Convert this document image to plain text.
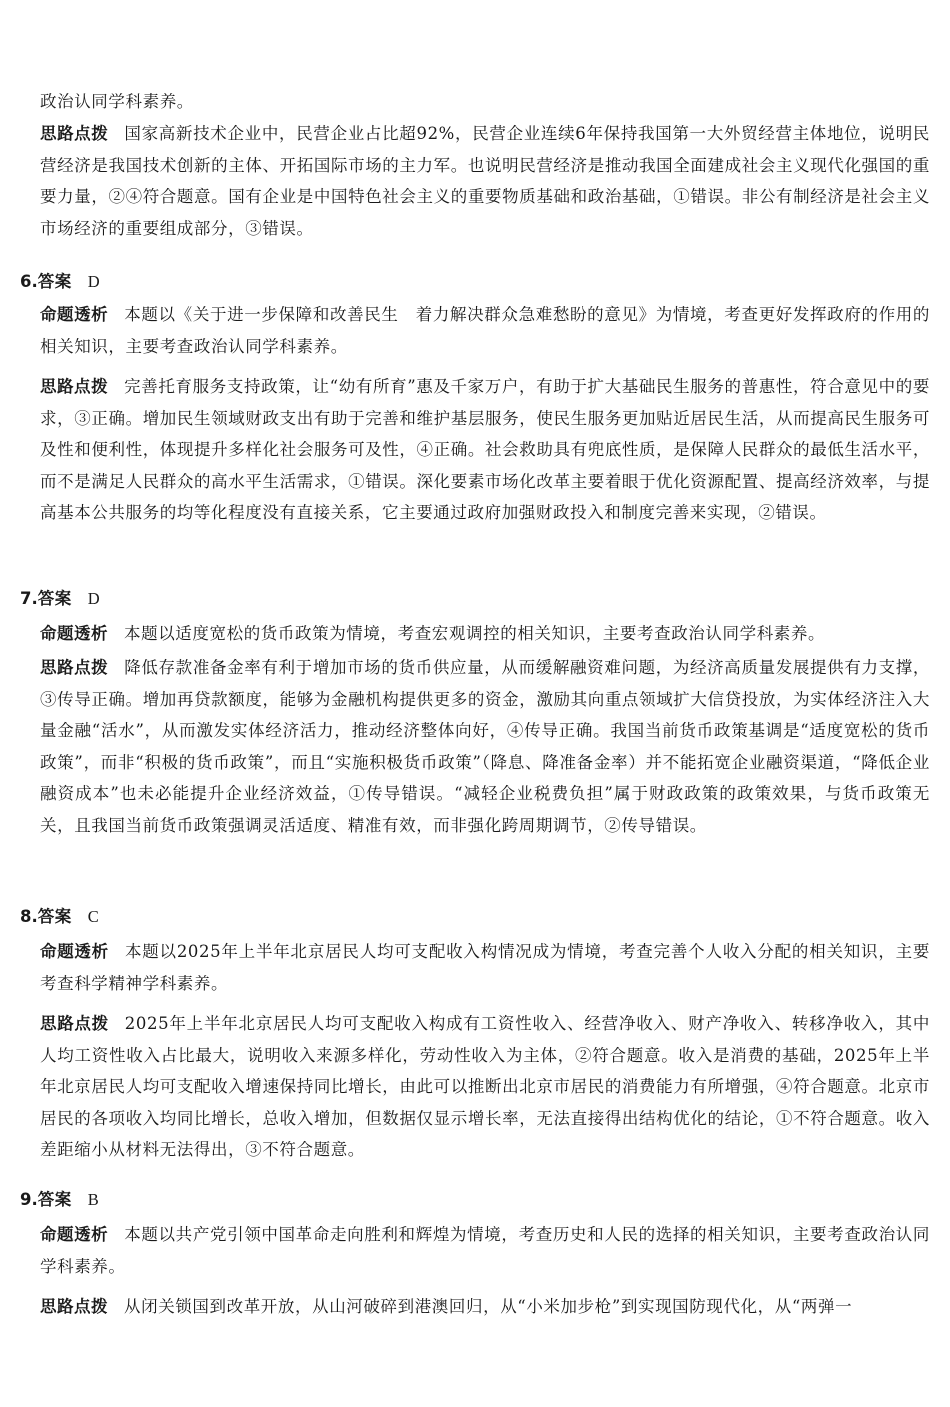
政治认同学科素养。

思路点拨 国家高新技术企业中，民营企业占比超92%，民营企业连续6年保持我国第一大外贸经营主体地位，说明民营经济是我国技术创新的主体、开拓国际市场的主力军。也说明民营经济是推动我国全面建成社会主义现代化强国的重要力量，②④符合题意。国有企业是中国特色社会主义的重要物质基础和政治基础，①错误。非公有制经济是社会主义市场经济的重要组成部分，③错误。

6.答案 D

命题透析 本题以《关于进一步保障和改善民生　着力解决群众急难愁盼的意见》为情境，考查更好发挥政府的作用的相关知识，主要考查政治认同学科素养。

思路点拨 完善托育服务支持政策，让“幼有所育”惠及千家万户，有助于扩大基础民生服务的普惠性，符合意见中的要求，③正确。增加民生领域财政支出有助于完善和维护基层服务，使民生服务更加贴近居民生活，从而提高民生服务可及性和便利性，体现提升多样化社会服务可及性，④正确。社会救助具有兜底性质，是保障人民群众的最低生活水平，而不是满足人民群众的高水平生活需求，①错误。深化要素市场化改革主要着眼于优化资源配置、提高经济效率，与提高基本公共服务的均等化程度没有直接关系，它主要通过政府加强财政投入和制度完善来实现，②错误。

7.答案 D

命题透析 本题以适度宽松的货币政策为情境，考查宏观调控的相关知识，主要考查政治认同学科素养。

思路点拨 降低存款准备金率有利于增加市场的货币供应量，从而缓解融资难问题，为经济高质量发展提供有力支撑，③传导正确。增加再贷款额度，能够为金融机构提供更多的资金，激励其向重点领域扩大信贷投放，为实体经济注入大量金融“活水”，从而激发实体经济活力，推动经济整体向好，④传导正确。我国当前货币政策基调是“适度宽松的货币政策”，而非“积极的货币政策”，而且“实施积极货币政策”（降息、降准备金率）并不能拓宽企业融资渠道，“降低企业融资成本”也未必能提升企业经济效益，①传导错误。“减轻企业税费负担”属于财政政策的政策效果，与货币政策无关，且我国当前货币政策强调灵活适度、精准有效，而非强化跨周期调节，②传导错误。

8.答案 C

命题透析 本题以2025年上半年北京居民人均可支配收入构情况成为情境，考查完善个人收入分配的相关知识，主要考查科学精神学科素养。

思路点拨 2025年上半年北京居民人均可支配收入构成有工资性收入、经营净收入、财产净收入、转移净收入，其中人均工资性收入占比最大，说明收入来源多样化，劳动性收入为主体，②符合题意。收入是消费的基础，2025年上半年北京居民人均可支配收入增速保持同比增长，由此可以推断出北京市居民的消费能力有所增强，④符合题意。北京市居民的各项收入均同比增长，总收入增加，但数据仅显示增长率，无法直接得出结构优化的结论，①不符合题意。收入差距缩小从材料无法得出，③不符合题意。

9.答案 B

命题透析 本题以共产党引领中国革命走向胜利和辉煌为情境，考查历史和人民的选择的相关知识，主要考查政治认同学科素养。

思路点拨 从闭关锁国到改革开放，从山河破碎到港澳回归，从“小米加步枪”到实现国防现代化，从“两弹一
